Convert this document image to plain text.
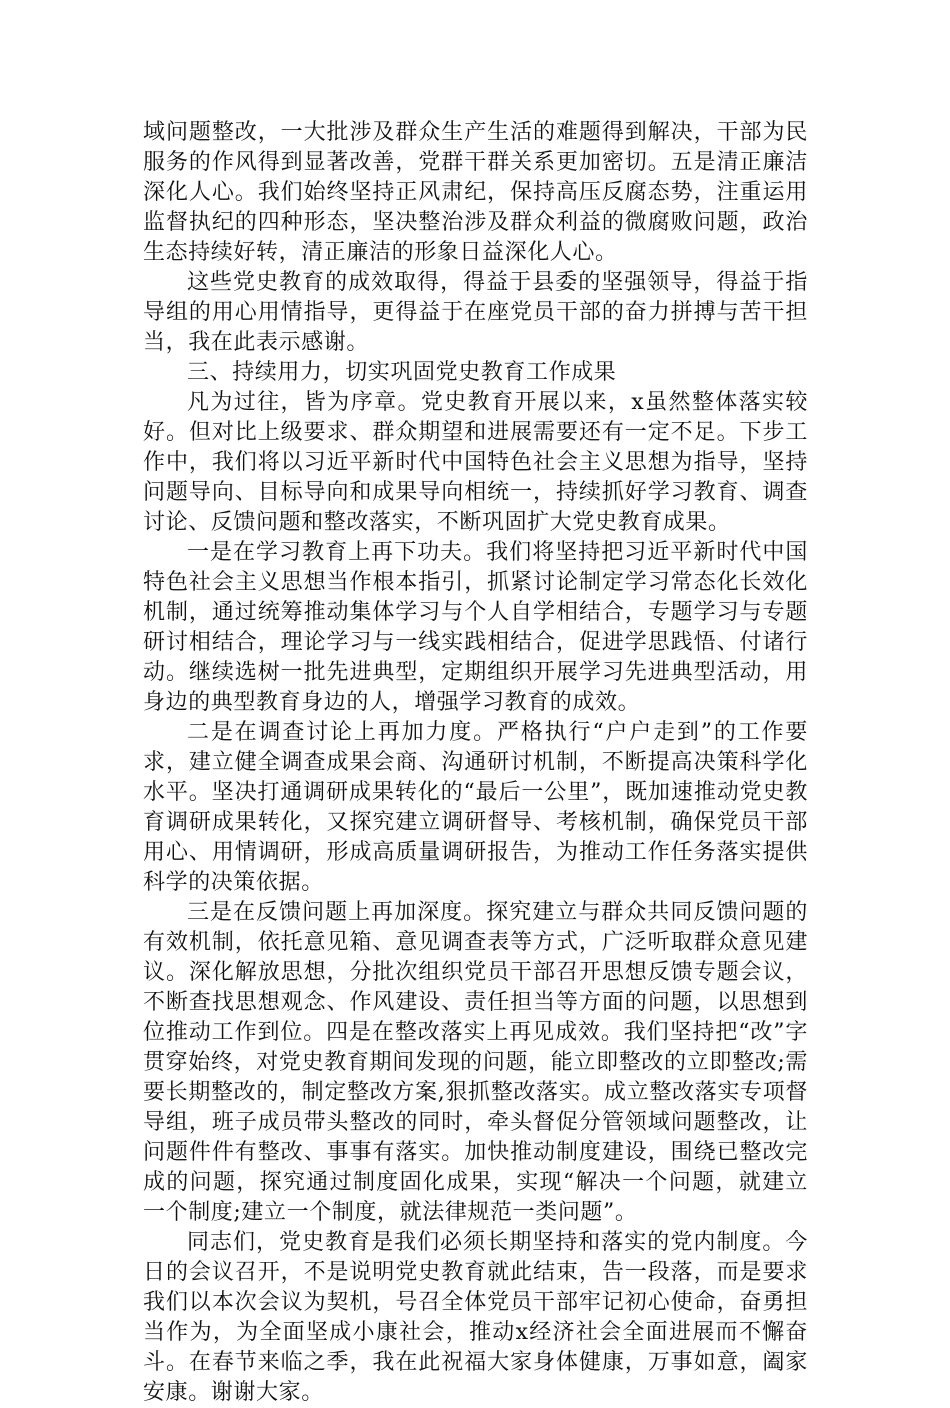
域问题整改，一大批涉及群众生产生活的难题得到解决，干部为民服务的作风得到显著改善，党群干群关系更加密切。五是清正廉洁深化人心。我们始终坚持正风肃纪，保持高压反腐态势，注重运用监督执纪的四种形态，坚决整治涉及群众利益的微腐败问题，政治生态持续好转，清正廉洁的形象日益深化人心。

这些党史教育的成效取得，得益于县委的坚强领导，得益于指导组的用心用情指导，更得益于在座党员干部的奋力拼搏与苦干担当，我在此表示感谢。

三、持续用力，切实巩固党史教育工作成果

凡为过往，皆为序章。党史教育开展以来，x虽然整体落实较好。但对比上级要求、群众期望和进展需要还有一定不足。下步工作中，我们将以习近平新时代中国特色社会主义思想为指导，坚持问题导向、目标导向和成果导向相统一，持续抓好学习教育、调查讨论、反馈问题和整改落实，不断巩固扩大党史教育成果。

一是在学习教育上再下功夫。我们将坚持把习近平新时代中国特色社会主义思想当作根本指引，抓紧讨论制定学习常态化长效化机制，通过统筹推动集体学习与个人自学相结合，专题学习与专题研讨相结合，理论学习与一线实践相结合，促进学思践悟、付诸行动。继续选树一批先进典型，定期组织开展学习先进典型活动，用身边的典型教育身边的人，增强学习教育的成效。

二是在调查讨论上再加力度。严格执行“户户走到”的工作要求，建立健全调查成果会商、沟通研讨机制，不断提高决策科学化水平。坚决打通调研成果转化的“最后一公里”，既加速推动党史教育调研成果转化，又探究建立调研督导、考核机制，确保党员干部用心、用情调研，形成高质量调研报告，为推动工作任务落实提供科学的决策依据。

三是在反馈问题上再加深度。探究建立与群众共同反馈问题的有效机制，依托意见箱、意见调查表等方式，广泛听取群众意见建议。深化解放思想，分批次组织党员干部召开思想反馈专题会议，不断查找思想观念、作风建设、责任担当等方面的问题，以思想到位推动工作到位。四是在整改落实上再见成效。我们坚持把“改”字贯穿始终，对党史教育期间发现的问题，能立即整改的立即整改;需要长期整改的，制定整改方案,狠抓整改落实。成立整改落实专项督导组，班子成员带头整改的同时，牵头督促分管领域问题整改，让问题件件有整改、事事有落实。加快推动制度建设，围绕已整改完成的问题，探究通过制度固化成果，实现“解决一个问题，就建立一个制度;建立一个制度，就法律规范一类问题”。

同志们，党史教育是我们必须长期坚持和落实的党内制度。今日的会议召开，不是说明党史教育就此结束，告一段落，而是要求我们以本次会议为契机，号召全体党员干部牢记初心使命，奋勇担当作为，为全面坚成小康社会，推动x经济社会全面进展而不懈奋斗。在春节来临之季，我在此祝福大家身体健康，万事如意，阖家安康。谢谢大家。
